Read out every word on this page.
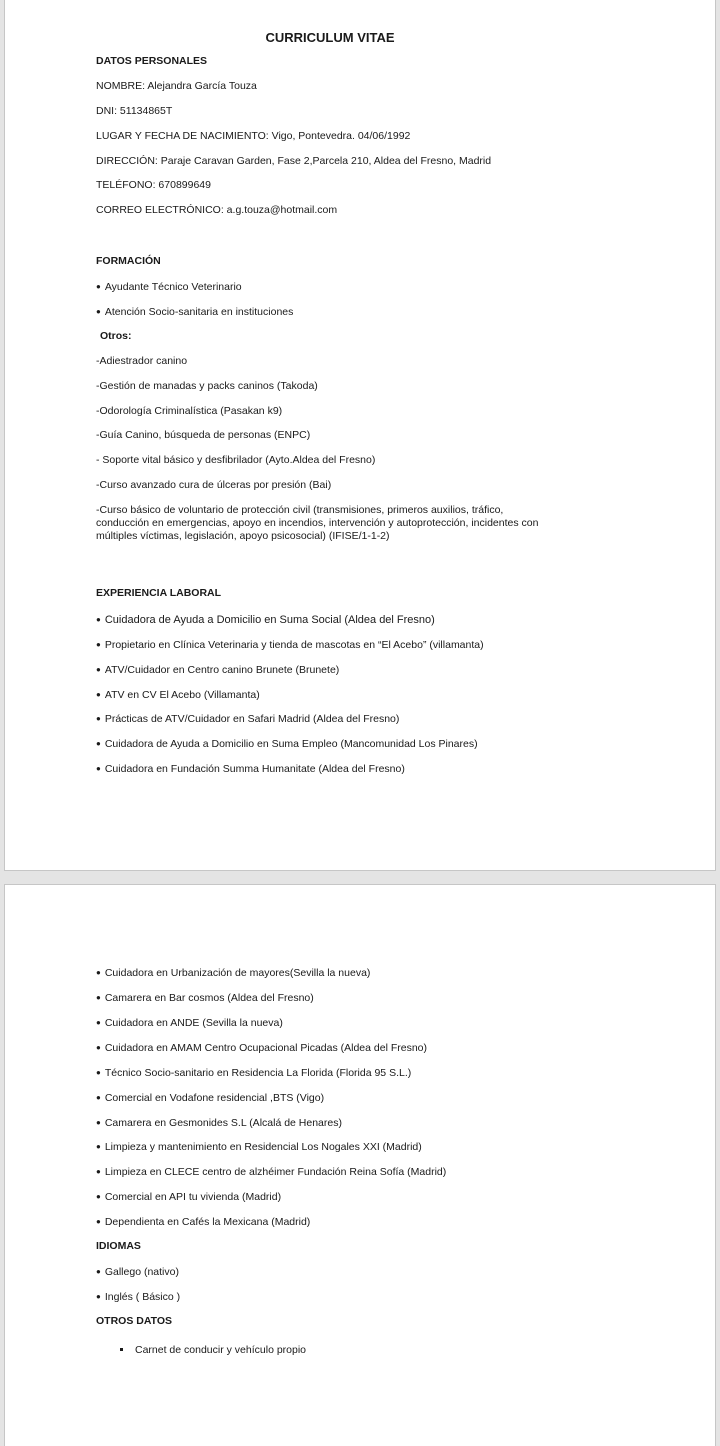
CURRICULUM VITAE
DATOS PERSONALES
NOMBRE: Alejandra García Touza
DNI: 51134865T
LUGAR Y FECHA DE NACIMIENTO: Vigo, Pontevedra. 04/06/1992
DIRECCIÓN: Paraje Caravan Garden, Fase 2,Parcela 210, Aldea del Fresno, Madrid
TELÉFONO: 670899649
CORREO ELECTRÓNICO: a.g.touza@hotmail.com
FORMACIÓN
● Ayudante Técnico Veterinario
● Atención Socio-sanitaria en instituciones
Otros:
-Adiestrador canino
-Gestión de manadas y packs caninos (Takoda)
-Odorología Criminalística (Pasakan k9)
-Guía Canino, búsqueda de personas (ENPC)
- Soporte vital básico y desfibrilador (Ayto.Aldea del Fresno)
-Curso avanzado cura de úlceras por presión (Bai)
-Curso básico de voluntario de protección civil (transmisiones, primeros auxilios, tráfico, conducción en emergencias, apoyo en incendios, intervención y autoprotección, incidentes con múltiples víctimas, legislación, apoyo psicosocial) (IFISE/1-1-2)
EXPERIENCIA LABORAL
● Cuidadora de Ayuda a Domicilio en Suma Social (Aldea del Fresno)
● Propietario en Clínica Veterinaria y tienda de mascotas en “El Acebo” (villamanta)
● ATV/Cuidador en Centro canino Brunete (Brunete)
● ATV en CV El Acebo (Villamanta)
● Prácticas de ATV/Cuidador en Safari Madrid (Aldea del Fresno)
● Cuidadora de Ayuda a Domicilio en Suma Empleo (Mancomunidad Los Pinares)
● Cuidadora en Fundación Summa Humanitate (Aldea del Fresno)
● Cuidadora en Urbanización de mayores(Sevilla la nueva)
● Camarera en Bar cosmos (Aldea del Fresno)
● Cuidadora en ANDE (Sevilla la nueva)
● Cuidadora en AMAM Centro Ocupacional Picadas (Aldea del Fresno)
● Técnico Socio-sanitario en Residencia La Florida (Florida 95 S.L.)
● Comercial en Vodafone residencial ,BTS (Vigo)
● Camarera en Gesmonides S.L (Alcalá de Henares)
● Limpieza y mantenimiento en Residencial Los Nogales XXI (Madrid)
● Limpieza en CLECE centro de alzhéimer Fundación Reina Sofía (Madrid)
● Comercial en API tu vivienda (Madrid)
● Dependienta en Cafés la Mexicana (Madrid)
IDIOMAS
● Gallego (nativo)
● Inglés ( Básico )
OTROS DATOS
Carnet de conducir y vehículo propio
